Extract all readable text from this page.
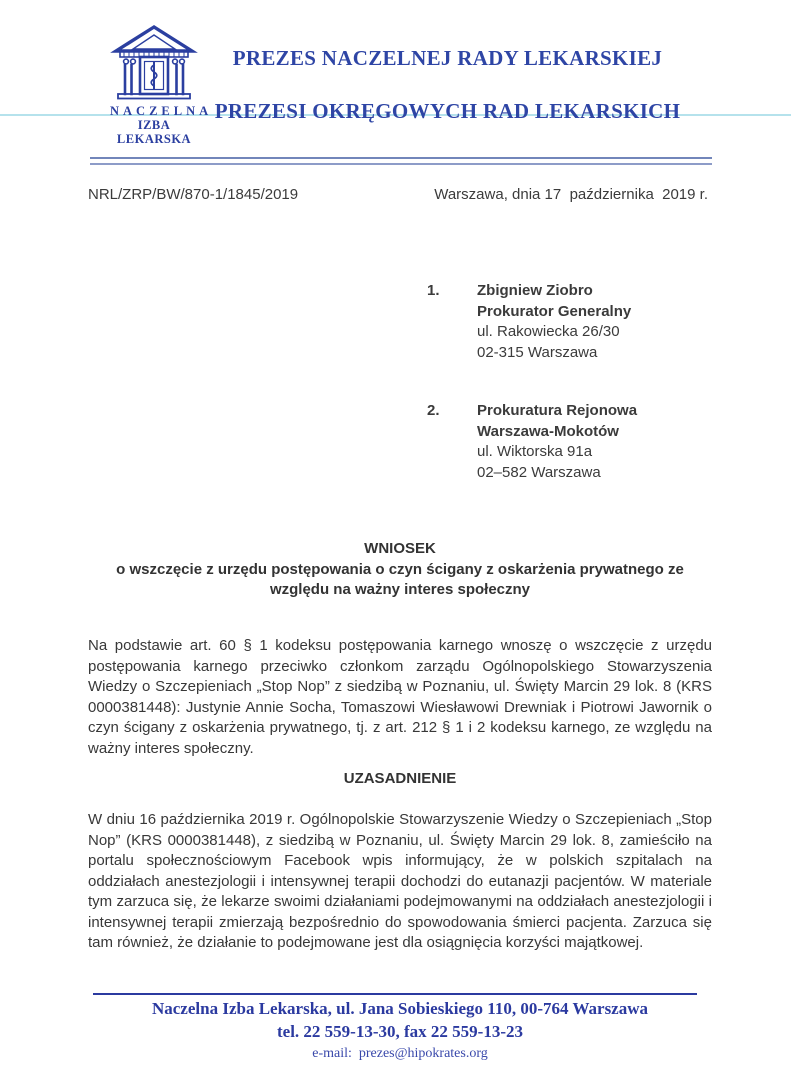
NACZELNA
IZBA LEKARSKA
PREZES NACZELNEJ RADY LEKARSKIEJ
PREZESI OKRĘGOWYCH RAD LEKARSKICH
NRL/ZRP/BW/870-1/1845/2019	Warszawa, dnia 17  października  2019 r.
1.	Zbigniew Ziobro
Prokurator Generalny
ul. Rakowiecka 26/30
02-315 Warszawa
2.	Prokuratura Rejonowa
Warszawa-Mokotów
ul. Wiktorska 91a
02–582 Warszawa
WNIOSEK
o wszczęcie z urzędu postępowania o czyn ścigany z oskarżenia prywatnego ze względu na ważny interes społeczny
Na podstawie art. 60 § 1 kodeksu postępowania karnego wnoszę o wszczęcie z urzędu postępowania karnego przeciwko członkom zarządu Ogólnopolskiego Stowarzyszenia Wiedzy o Szczepieniach „Stop Nop” z siedzibą w Poznaniu, ul. Święty Marcin 29 lok. 8 (KRS 0000381448): Justynie Annie Socha, Tomaszowi Wiesławowi Drewniak i Piotrowi Jawornik o czyn ścigany z oskarżenia prywatnego, tj. z art. 212 § 1 i 2 kodeksu karnego, ze względu na ważny interes społeczny.
UZASADNIENIE
W dniu 16 października 2019 r. Ogólnopolskie Stowarzyszenie Wiedzy o Szczepieniach „Stop Nop” (KRS 0000381448), z siedzibą w Poznaniu, ul. Święty Marcin 29 lok. 8, zamieściło na portalu społecznościowym Facebook wpis informujący, że w polskich szpitalach na oddziałach anestezjologii i intensywnej terapii dochodzi do eutanazji pacjentów. W materiale tym zarzuca się, że lekarze swoimi działaniami podejmowanymi na oddziałach anestezjologii i intensywnej terapii zmierzają bezpośrednio do spowodowania śmierci pacjenta. Zarzuca się tam również, że działanie to podejmowane jest dla osiągnięcia korzyści majątkowej.
Naczelna Izba Lekarska, ul. Jana Sobieskiego 110, 00-764 Warszawa
tel. 22 559-13-30, fax 22 559-13-23
e-mail:  prezes@hipokrates.org
